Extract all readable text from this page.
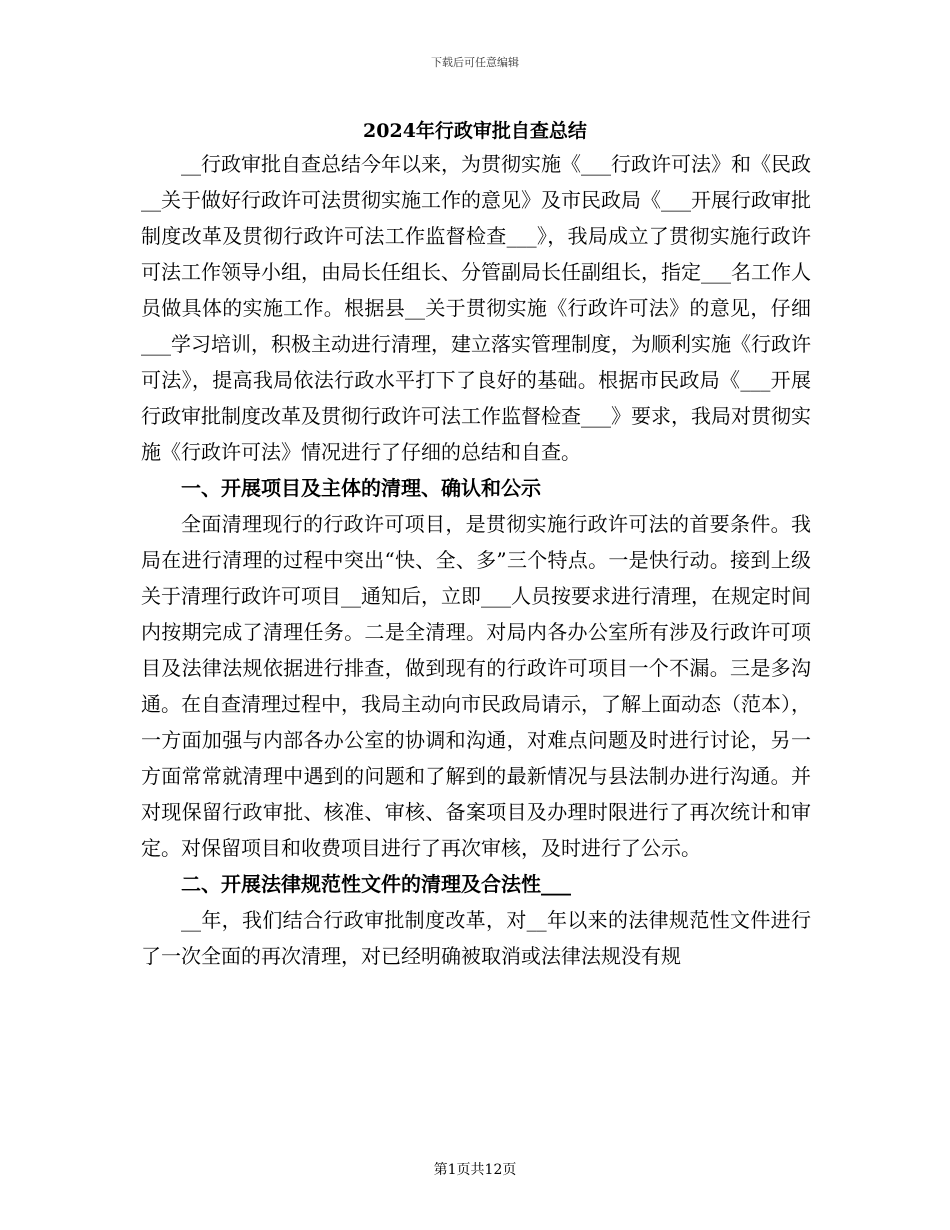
下载后可任意编辑
2024年行政审批自查总结

__行政审批自查总结今年以来，为贯彻实施《___行政许可法》和《民政__关于做好行政许可法贯彻实施工作的意见》及市民政局《___开展行政审批制度改革及贯彻行政许可法工作监督检查___》，我局成立了贯彻实施行政许可法工作领导小组，由局长任组长、分管副局长任副组长，指定___名工作人员做具体的实施工作。根据县__关于贯彻实施《行政许可法》的意见，仔细___学习培训，积极主动进行清理，建立落实管理制度，为顺利实施《行政许可法》，提高我局依法行政水平打下了良好的基础。根据市民政局《___开展行政审批制度改革及贯彻行政许可法工作监督检查___》要求，我局对贯彻实施《行政许可法》情况进行了仔细的总结和自查。

一、开展项目及主体的清理、确认和公示

全面清理现行的行政许可项目，是贯彻实施行政许可法的首要条件。我局在进行清理的过程中突出“快、全、多”三个特点。一是快行动。接到上级关于清理行政许可项目__通知后，立即___人员按要求进行清理，在规定时间内按期完成了清理任务。二是全清理。对局内各办公室所有涉及行政许可项目及法律法规依据进行排查，做到现有的行政许可项目一个不漏。三是多沟通。在自查清理过程中，我局主动向市民政局请示，了解上面动态（范本），一方面加强与内部各办公室的协调和沟通，对难点问题及时进行讨论，另一方面常常就清理中遇到的问题和了解到的最新情况与县法制办进行沟通。并对现保留行政审批、核准、审核、备案项目及办理时限进行了再次统计和审定。对保留项目和收费项目进行了再次审核，及时进行了公示。

二、开展法律规范性文件的清理及合法性___

__年，我们结合行政审批制度改革，对__年以来的法律规范性文件进行了一次全面的再次清理，对已经明确被取消或法律法规没有规

第1页共12页
